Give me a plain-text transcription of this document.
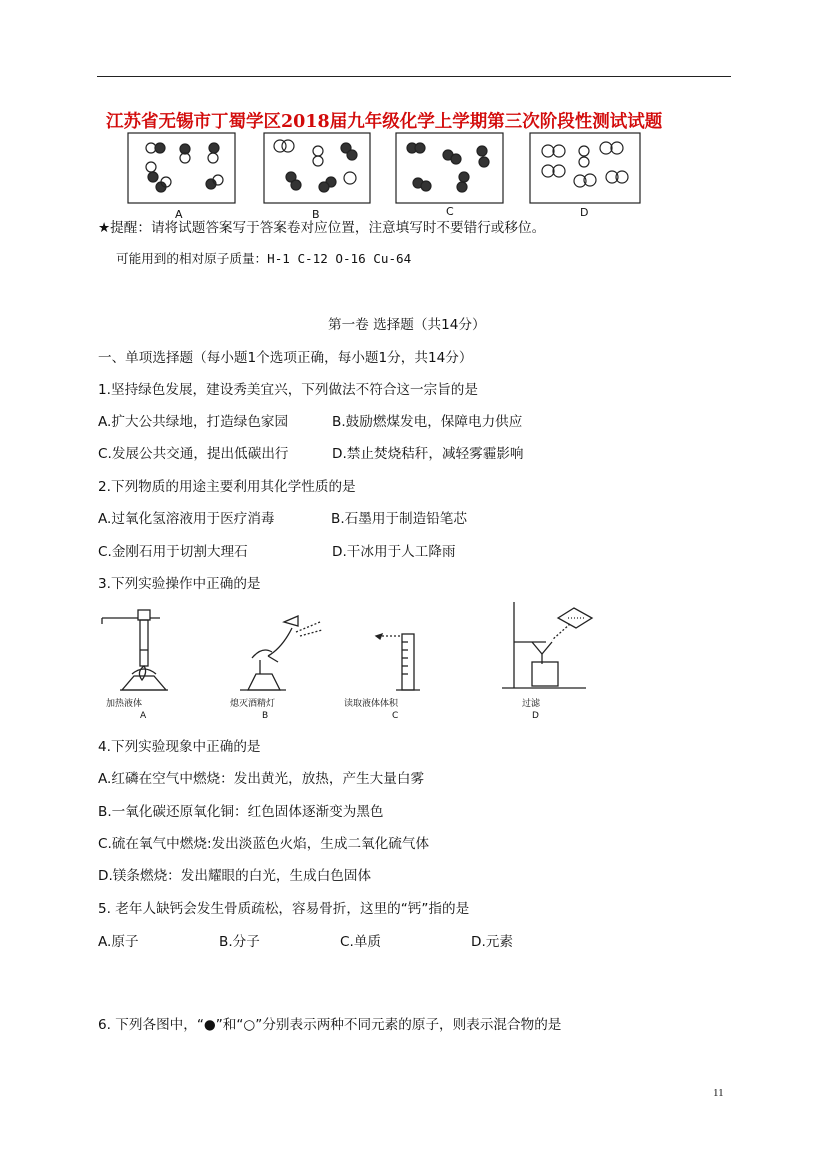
江苏省无锡市丁蜀学区2018届九年级化学上学期第三次阶段性测试试题
A	B	C	D
★提醒：请将试题答案写于答案卷对应位置，注意填写时不要错行或移位。
可能用到的相对原子质量：H-1 C-12 O-16 Cu-64
第一卷 选择题（共14分）
一、单项选择题（每小题1个选项正确，每小题1分，共14分）
1.坚持绿色发展，建设秀美宜兴，下列做法不符合这一宗旨的是
A.扩大公共绿地，打造绿色家园	B.鼓励燃煤发电，保障电力供应
C.发展公共交通，提出低碳出行	D.禁止焚烧秸秆，减轻雾霾影响
2.下列物质的用途主要利用其化学性质的是
A.过氧化氢溶液用于医疗消毒	B.石墨用于制造铅笔芯
C.金刚石用于切割大理石	D.干冰用于人工降雨
3.下列实验操作中正确的是
加热液体
A
熄灭酒精灯
B
读取液体体积
C
过滤
D
4.下列实验现象中正确的是
A.红磷在空气中燃烧：发出黄光，放热，产生大量白雾
B.一氧化碳还原氧化铜：红色固体逐渐变为黑色
C.硫在氧气中燃烧:发出淡蓝色火焰，生成二氧化硫气体
D.镁条燃烧：发出耀眼的白光，生成白色固体
5. 老年人缺钙会发生骨质疏松，容易骨折，这里的“钙”指的是
A.原子	B.分子	C.单质	D.元素
6. 下列各图中，“●”和“○”分别表示两种不同元素的原子，则表示混合物的是
11
